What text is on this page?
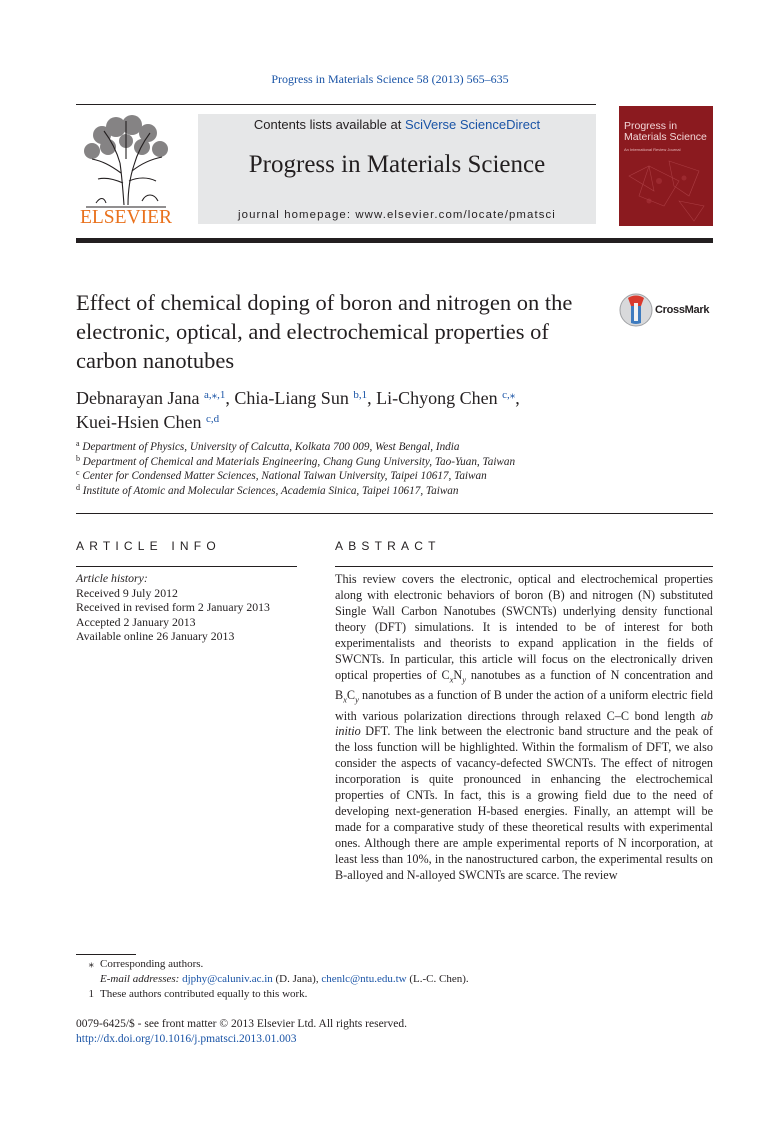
Progress in Materials Science 58 (2013) 565–635
ELSEVIER
Contents lists available at SciVerse ScienceDirect
Progress in Materials Science
journal homepage: www.elsevier.com/locate/pmatsci
Progress in Materials Science
An International Review Journal
Effect of chemical doping of boron and nitrogen on the electronic, optical, and electrochemical properties of carbon nanotubes
CrossMark
Debnarayan Jana $^{a,⁎,1}$, Chia-Liang Sun $^{b,1}$, Li-Chyong Chen $^{c,⁎}$,
Kuei-Hsien Chen $^{c,d}$
$^a$ Department of Physics, University of Calcutta, Kolkata 700 009, West Bengal, India
$^b$ Department of Chemical and Materials Engineering, Chang Gung University, Tao-Yuan, Taiwan
$^c$ Center for Condensed Matter Sciences, National Taiwan University, Taipei 10617, Taiwan
$^d$ Institute of Atomic and Molecular Sciences, Academia Sinica, Taipei 10617, Taiwan
ARTICLE INFO
Article history:
Received 9 July 2012
Received in revised form 2 January 2013
Accepted 2 January 2013
Available online 26 January 2013
ABSTRACT
This review covers the electronic, optical and electrochemical properties along with electronic behaviors of boron (B) and nitrogen (N) substituted Single Wall Carbon Nanotubes (SWCNTs) underlying density functional theory (DFT) simulations. It is intended to be of interest for both experimentalists and theorists to expand application in the fields of SWCNTs. In particular, this article will focus on the electronically driven optical properties of $C_xN_y$ nanotubes as a function of N concentration and $B_xC_y$ nanotubes as a function of B under the action of a uniform electric field with various polarization directions through relaxed C–C bond length ab initio DFT. The link between the electronic band structure and the peak of the loss function will be highlighted. Within the formalism of DFT, we also consider the aspects of vacancy-defected SWCNTs. The effect of nitrogen incorporation is quite pronounced in enhancing the electrochemical properties of CNTs. In fact, this is a growing field due to the need of developing next-generation H-based energies. Finally, an attempt will be made for a comparative study of these theoretical results with experimental ones. Although there are ample experimental reports of N incorporation, at least less than 10%, in the nanostructured carbon, the experimental results on B-alloyed and N-alloyed SWCNTs are scarce. The review
⁎ Corresponding authors.
E-mail addresses: djphy@caluniv.ac.in (D. Jana), chenlc@ntu.edu.tw (L.-C. Chen).
1 These authors contributed equally to this work.
0079-6425/$ - see front matter © 2013 Elsevier Ltd. All rights reserved.
http://dx.doi.org/10.1016/j.pmatsci.2013.01.003
